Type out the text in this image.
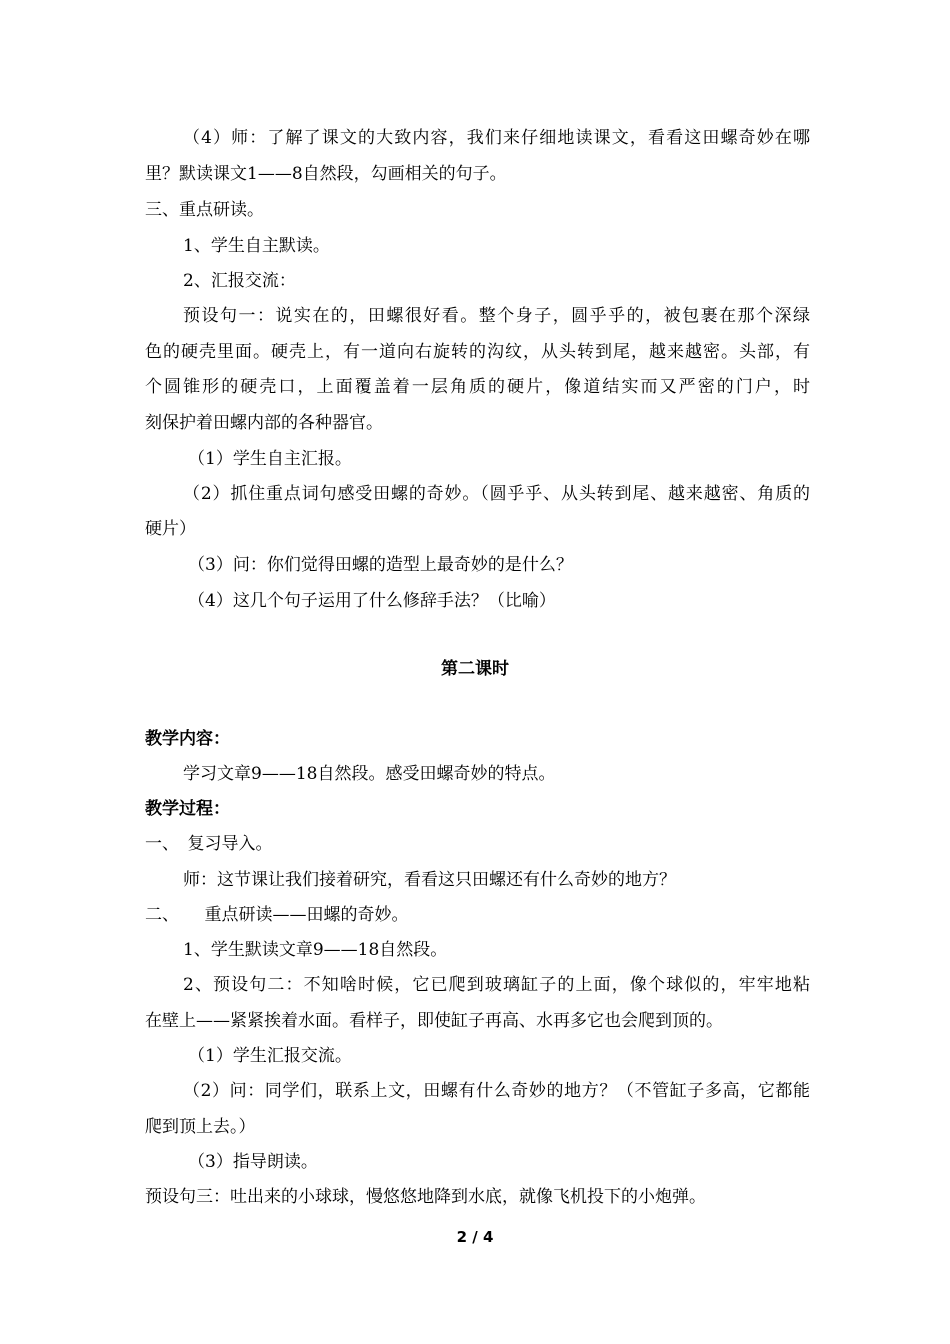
（4）师：了解了课文的大致内容，我们来仔细地读课文，看看这田螺奇妙在哪
里？默读课文1——8自然段，勾画相关的句子。
三、重点研读。
1、学生自主默读。
2、汇报交流：
预设句一：说实在的，田螺很好看。整个身子，圆乎乎的，被包裹在那个深绿
色的硬壳里面。硬壳上，有一道向右旋转的沟纹，从头转到尾，越来越密。头部，有
个圆锥形的硬壳口，上面覆盖着一层角质的硬片，像道结实而又严密的门户，时
刻保护着田螺内部的各种器官。
（1）学生自主汇报。
（2）抓住重点词句感受田螺的奇妙。（圆乎乎、从头转到尾、越来越密、角质的
硬片）
（3）问：你们觉得田螺的造型上最奇妙的是什么？
（4）这几个句子运用了什么修辞手法？（比喻）
第二课时
教学内容：
学习文章9——18自然段。感受田螺奇妙的特点。
教学过程：
一、　复习导入。
师：这节课让我们接着研究，看看这只田螺还有什么奇妙的地方？
二、　　重点研读——田螺的奇妙。
1、学生默读文章9——18自然段。
2、预设句二：不知啥时候，它已爬到玻璃缸子的上面，像个球似的，牢牢地粘
在壁上——紧紧挨着水面。看样子，即使缸子再高、水再多它也会爬到顶的。
（1）学生汇报交流。
（2）问：同学们，联系上文，田螺有什么奇妙的地方？（不管缸子多高，它都能
爬到顶上去。）
（3）指导朗读。
预设句三：吐出来的小球球，慢悠悠地降到水底，就像飞机投下的小炮弹。
2 / 4
